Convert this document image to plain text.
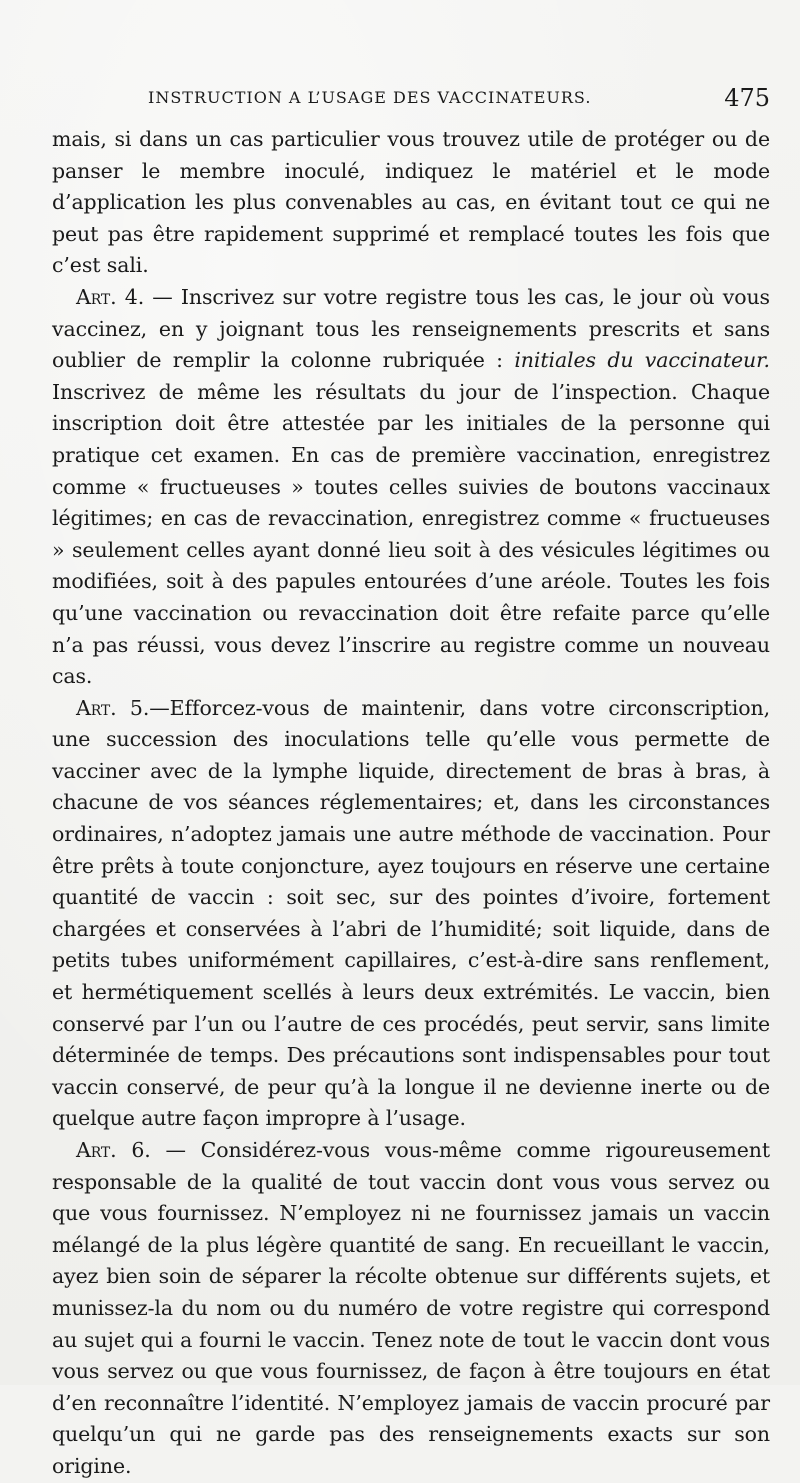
INSTRUCTION A L’USAGE DES VACCINATEURS.	475

mais, si dans un cas particulier vous trouvez utile de protéger ou de panser le membre inoculé, indiquez le matériel et le mode d’application les plus convenables au cas, en évitant tout ce qui ne peut pas être rapidement supprimé et remplacé toutes les fois que c’est sali.

Art. 4. — Inscrivez sur votre registre tous les cas, le jour où vous vaccinez, en y joignant tous les renseignements prescrits et sans oublier de remplir la colonne rubriquée : initiales du vaccinateur. Inscrivez de même les résultats du jour de l’inspection. Chaque inscription doit être attestée par les initiales de la personne qui pratique cet examen. En cas de première vaccination, enregistrez comme « fructueuses » toutes celles suivies de boutons vaccinaux légitimes; en cas de revaccination, enregistrez comme « fructueuses » seulement celles ayant donné lieu soit à des vésicules légitimes ou modifiées, soit à des papules entourées d’une aréole. Toutes les fois qu’une vaccination ou revaccination doit être refaite parce qu’elle n’a pas réussi, vous devez l’inscrire au registre comme un nouveau cas.

Art. 5.—Efforcez-vous de maintenir, dans votre circonscription, une succession des inoculations telle qu’elle vous permette de vacciner avec de la lymphe liquide, directement de bras à bras, à chacune de vos séances réglementaires; et, dans les circonstances ordinaires, n’adoptez jamais une autre méthode de vaccination. Pour être prêts à toute conjoncture, ayez toujours en réserve une certaine quantité de vaccin : soit sec, sur des pointes d’ivoire, fortement chargées et conservées à l’abri de l’humidité; soit liquide, dans de petits tubes uniformément capillaires, c’est-à-dire sans renflement, et hermétiquement scellés à leurs deux extrémités. Le vaccin, bien conservé par l’un ou l’autre de ces procédés, peut servir, sans limite déterminée de temps. Des précautions sont indispensables pour tout vaccin conservé, de peur qu’à la longue il ne devienne inerte ou de quelque autre façon impropre à l’usage.

Art. 6. — Considérez-vous vous-même comme rigoureusement responsable de la qualité de tout vaccin dont vous vous servez ou que vous fournissez. N’employez ni ne fournissez jamais un vaccin mélangé de la plus légère quantité de sang. En recueillant le vaccin, ayez bien soin de séparer la récolte obtenue sur différents sujets, et munissez-la du nom ou du numéro de votre registre qui correspond au sujet qui a fourni le vaccin. Tenez note de tout le vaccin dont vous vous servez ou que vous fournissez, de façon à être toujours en état d’en reconnaître l’identité. N’employez jamais de vaccin procuré par quelqu’un qui ne garde pas des renseignements exacts sur son origine.
